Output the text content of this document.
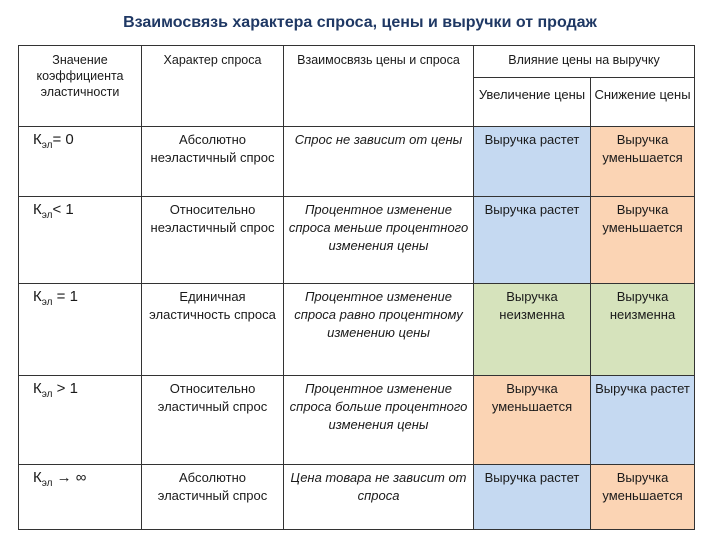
Взаимосвязь характера спроса, цены и выручки от продаж
Значение коэффициента эластичности	Характер спроса	Взаимосвязь цены и спроса	Влияние цены на выручку	
			Увеличение цены	Снижение цены
$К_{эл}= 0$	Абсолютно неэластичный спрос	Спрос не зависит от цены	Выручка растет	Выручка уменьшается
$К_{эл}< 1$	Относительно неэластичный спрос	Процентное изменение спроса меньше процентного изменения цены	Выручка растет	Выручка уменьшается
$К_{эл} = 1$	Единичная эластичность спроса	Процентное изменение спроса равно процентному изменению цены	Выручка неизменна	Выручка неизменна
$К_{эл} > 1$	Относительно эластичный спрос	Процентное изменение спроса больше процентного изменения цены	Выручка уменьшается	Выручка растет
$К_{эл}$ → ∞	Абсолютно эластичный спрос	Цена товара не зависит от спроса	Выручка растет	Выручка уменьшается
